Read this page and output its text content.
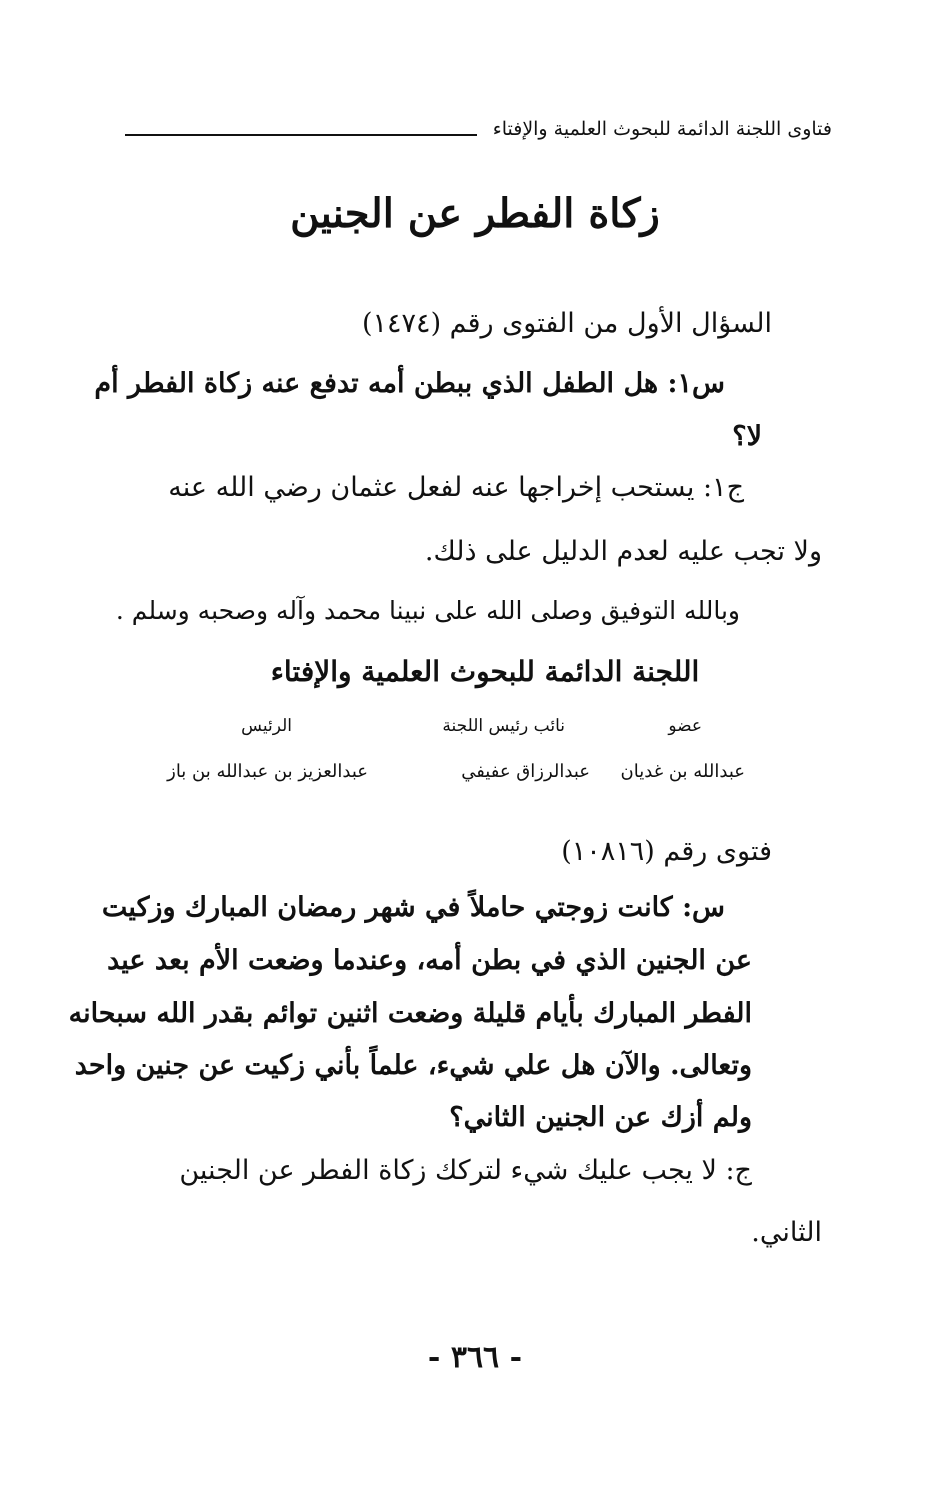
فتاوى اللجنة الدائمة للبحوث العلمية والإفتاء
زكاة الفطر عن الجنين
السؤال الأول من الفتوى رقم (١٤٧٤)
س١: هل الطفل الذي ببطن أمه تدفع عنه زكاة الفطر أم
لا؟
ج١: يستحب إخراجها عنه لفعل عثمان رضي الله عنه
ولا تجب عليه لعدم الدليل على ذلك.
وبالله التوفيق وصلى الله على نبينا محمد وآله وصحبه وسلم .
اللجنة الدائمة للبحوث العلمية والإفتاء
عضو
نائب رئيس اللجنة
الرئيس
عبدالله بن غديان
عبدالرزاق عفيفي
عبدالعزيز بن عبدالله بن باز
فتوى رقم (١٠٨١٦)
س: كانت زوجتي حاملاً في شهر رمضان المبارك وزكيت
عن الجنين الذي في بطن أمه، وعندما وضعت الأم بعد عيد
الفطر المبارك بأيام قليلة وضعت اثنين توائم بقدر الله سبحانه
وتعالى. والآن هل علي شيء، علماً بأني زكيت عن جنين واحد
ولم أزك عن الجنين الثاني؟
ج: لا يجب عليك شيء لتركك زكاة الفطر عن الجنين
الثاني.
- ٣٦٦ -
